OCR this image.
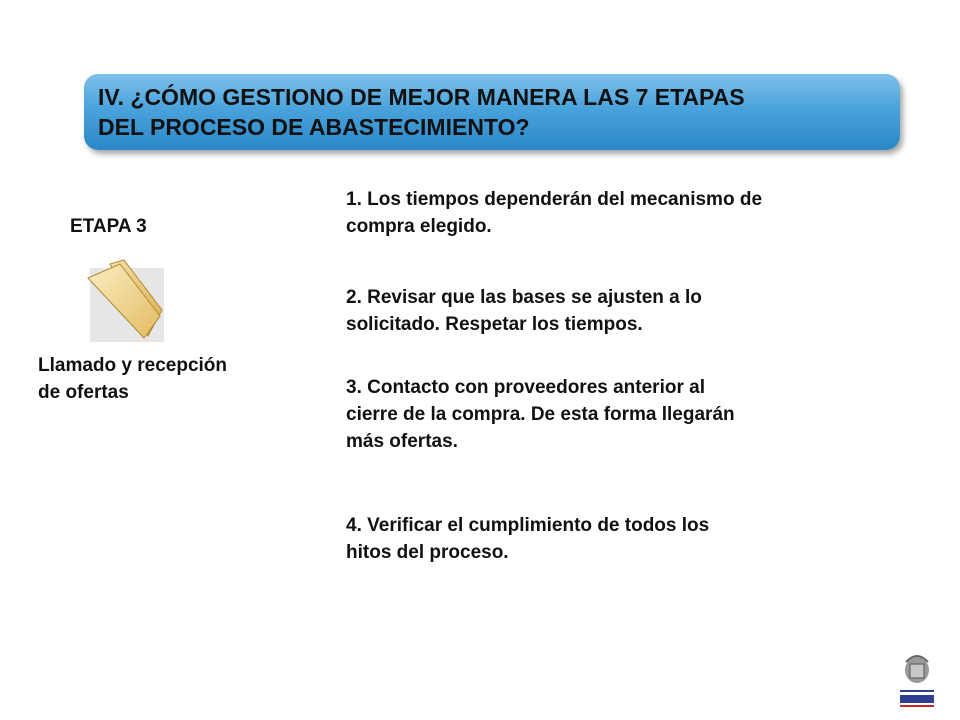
IV. ¿CÓMO GESTIONO DE MEJOR MANERA LAS 7 ETAPAS
DEL PROCESO DE ABASTECIMIENTO?

ETAPA 3
Llamado y recepción
de ofertas
1. Los tiempos dependerán del mecanismo de
compra elegido.
2. Revisar que las bases se ajusten a lo
solicitado. Respetar los tiempos.
3. Contacto con proveedores anterior al
cierre de la compra. De esta forma llegarán
más ofertas.
4. Verificar el cumplimiento de todos los
hitos del proceso.
